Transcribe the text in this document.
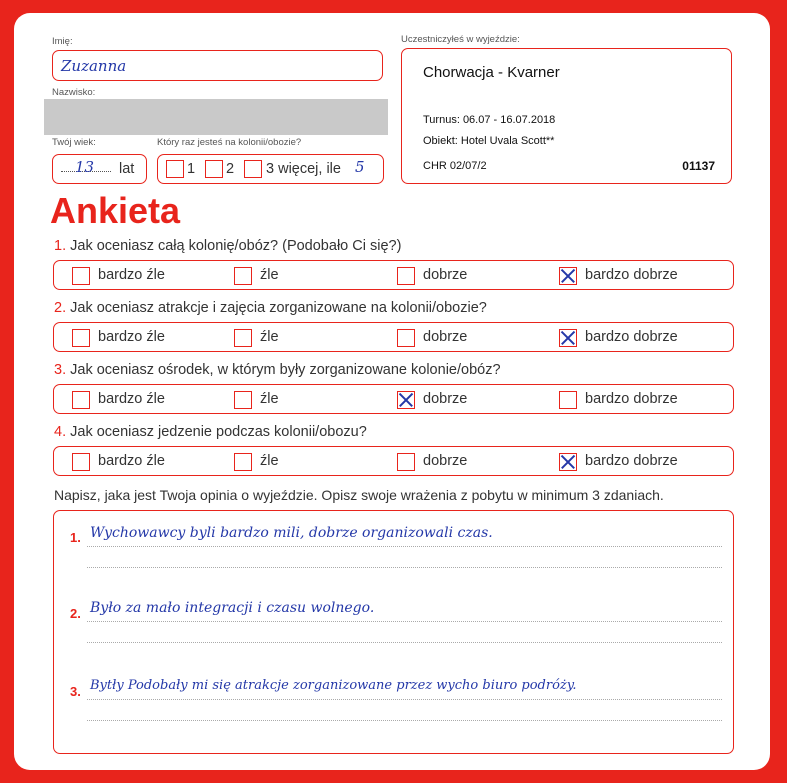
Imię:
Zuzanna
Nazwisko:
Twój wiek:
13 lat
Który raz jesteś na kolonii/obozie?
1 2 3 więcej, ile 5
Uczestniczyłeś w wyjeździe:
Chorwacja - Kvarner
Turnus: 06.07 - 16.07.2018
Obiekt: Hotel Uvala Scott**
CHR 02/07/2	01137
Ankieta
1. Jak oceniasz całą kolonię/obóz? (Podobało Ci się?)
bardzo źle	źle	dobrze	bardzo dobrze
2. Jak oceniasz atrakcje i zajęcia zorganizowane na kolonii/obozie?
bardzo źle	źle	dobrze	bardzo dobrze
3. Jak oceniasz ośrodek, w którym były zorganizowane kolonie/obóz?
bardzo źle	źle	dobrze	bardzo dobrze
4. Jak oceniasz jedzenie podczas kolonii/obozu?
bardzo źle	źle	dobrze	bardzo dobrze
Napisz, jaka jest Twoja opinia o wyjeździe. Opisz swoje wrażenia z pobytu w minimum 3 zdaniach.
1. Wychowawcy byli bardzo mili, dobrze organizowali czas.
2. Było za mało integracji i czasu wolnego.
3. Bytły Podobały mi się atrakcje zorganizowane przez wycho biuro podróży.
